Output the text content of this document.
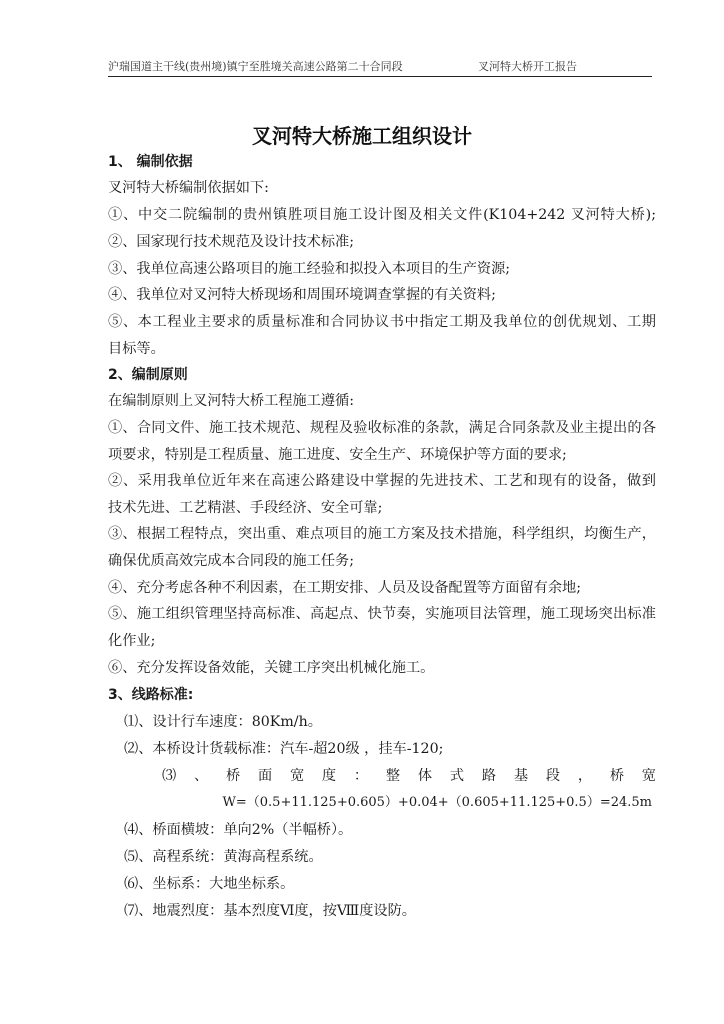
沪瑞国道主干线(贵州境)镇宁至胜境关高速公路第二十合同段	叉河特大桥开工报告
叉河特大桥施工组织设计
1、 编制依据
叉河特大桥编制依据如下:
①、中交二院编制的贵州镇胜项目施工设计图及相关文件(K104+242 叉河特大桥);
②、国家现行技术规范及设计技术标准;
③、我单位高速公路项目的施工经验和拟投入本项目的生产资源;
④、我单位对叉河特大桥现场和周围环境调查掌握的有关资料;
⑤、本工程业主要求的质量标准和合同协议书中指定工期及我单位的创优规划、工期
目标等。
2、编制原则
在编制原则上叉河特大桥工程施工遵循:
①、合同文件、施工技术规范、规程及验收标准的条款，满足合同条款及业主提出的各
项要求，特别是工程质量、施工进度、安全生产、环境保护等方面的要求;
②、采用我单位近年来在高速公路建设中掌握的先进技术、工艺和现有的设备，做到
技术先进、工艺精湛、手段经济、安全可靠;
③、根据工程特点，突出重、难点项目的施工方案及技术措施，科学组织，均衡生产，
确保优质高效完成本合同段的施工任务;
④、充分考虑各种不利因素，在工期安排、人员及设备配置等方面留有余地;
⑤、施工组织管理坚持高标准、高起点、快节奏，实施项目法管理，施工现场突出标准
化作业;
⑥、充分发挥设备效能，关键工序突出机械化施工。
3、线路标准:
⑴、设计行车速度：80Km/h。
⑵、本桥设计货载标准：汽车-超20级 ，挂车-120;
⑶ 、 桥 面 宽 度 ： 整 体 式 路 基 段 ， 桥 宽
W=（0.5+11.125+0.605）+0.04+（0.605+11.125+0.5）=24.5m
⑷、桥面横坡：单向2%（半幅桥）。
⑸、高程系统：黄海高程系统。
⑹、坐标系：大地坐标系。
⑺、地震烈度：基本烈度Ⅵ度，按Ⅷ度设防。
